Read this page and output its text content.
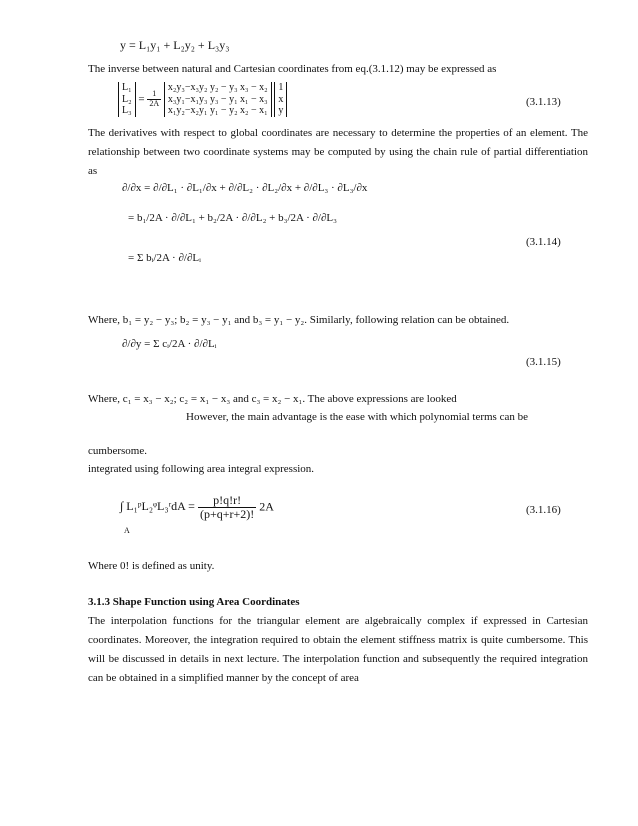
y = L₁y₁ + L₂y₂ + L₃y₃
The inverse between natural and Cartesian coordinates from eq.(3.1.12) may be expressed as
L₁
L₂
L₃
= $\frac{1}{2A}$

x₂y₃−x₃y₂ y₂ − y₃ x₃ − x₂
x₃y₁−x₁y₃ y₃ − y₁ x₁ − x₃
x₁y₂−x₂y₁ y₁ − y₂ x₂ − x₁

1
x
y
(3.1.13)
The derivatives with respect to global coordinates are necessary to determine the properties of an element. The relationship between two coordinate systems may be computed by using the chain rule of partial differentiation as
∂/∂x = ∂/∂L₁ · ∂L₁/∂x + ∂/∂L₂ · ∂L₂/∂x + ∂/∂L₃ · ∂L₃/∂x
= b₁/2A · ∂/∂L₁ + b₂/2A · ∂/∂L₂ + b₃/2A · ∂/∂L₃
= Σ bᵢ/2A · ∂/∂Lᵢ
(3.1.14)
Where, b₁ = y₂ − y₃; b₂ = y₃ − y₁ and b₃ = y₁ − y₂. Similarly, following relation can be obtained.
∂/∂y = Σ cᵢ/2A · ∂/∂Lᵢ
(3.1.15)
Where, c₁ = x₃ − x₂; c₂ = x₁ − x₃ and c₃ = x₂ − x₁. The above expressions are looked
However, the main advantage is the ease with which polynomial terms can be
cumbersome.
integrated using following area integral expression.
∫ L₁ᵖL₂ᵠL₃ʳdA = $\frac{p!q!r!}{(p+q+r+2)!} 2A$
A
(3.1.16)
Where 0! is defined as unity.
3.1.3 Shape Function using Area Coordinates
The interpolation functions for the triangular element are algebraically complex if expressed in Cartesian coordinates. Moreover, the integration required to obtain the element stiffness matrix is quite cumbersome. This will be discussed in details in next lecture. The interpolation function and subsequently the required integration can be obtained in a simplified manner by the concept of area
